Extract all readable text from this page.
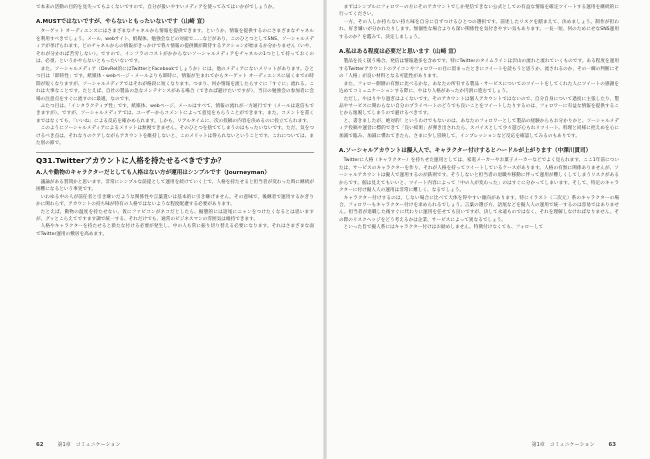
で本来の活動の目的を見失ってもよくないですので、自分が扱いやすいメディアを使ってみてはいかがでしょうか。

A.MUSTではないですが、やらないともったいないです（山崎 宣）

ターゲット オーディエンスにはさまざまなチャネルから情報を提供できます。というか、情報を提供するのにさまざまなチャネルを利用すべきでしょう。メール、webサイト、紙媒体、勉強会などの対面で……などがあり、このひとつとしてSNS、ソーシャルメディアが挙げられます。どのチャネルからの情報がきっかけで我々情報の提供側が期待するアクションが始まるか分かりません（いや、それが分かれば苦労しない）。ですので、インフラのコストがかからないソーシャルメディアをチャネルの1つとして持っておくのは、必須、というかやらないともったいないです。

また、ソーシャルメディア（DevRel的にはTwitterとFacebookでしょうか）には、他のメディアにないメリットがあります。ひとつ目は「即時性」です。紙媒体・webページ・メールよりも即時に、情報が生まれてからターゲット オーディエンスに届くまでの時間が短くなりますが、ソーシャルメディアではそれが格段に短くなります。つまり、何か情報を流したらすぐに「すぐに」流れる。これは大事なことです。たとえば、自社の製品の急なメンテナンスがある場合（できれば避けたいですが）、当日の勉強会の参加者に会場の注意点をすぐに流すのに最適、なのです。

ふたつ目は、「インタラクティブ性」です。紙媒体、webページ、メールはすべて、情報の流れが一方通行です（メールは返信もできますが）。ですが、ソーシャルメディアでは、ユーザーからコメントによって意見をもらうことができます。また、コメントを書くまではなくても、「いいね」による反応を確かめられます。しかも、リアルタイムに、次の投稿の内容を決めるのに役立てられます。

このようにソーシャルメディアによるメリットは無視できません。そのひとつを捨ててしまうのはもったいないです。ただ、気をつけるべき点は、それなりのケアしながらアカウントを維持しないと、このメリットは得られないということです。これについては、また別の節で。

Q31.Twitterアカウントに人格を持たせるべきですか？
A.人や動物のキャラクターだとしても人格はない方が運用はシンプルです（Journeyman）

議論がある質問かと思います。非常にシンプルな前提として運用を続けていく上で、人格を持たせると担当者が変わった時に継続が困難になるという事実です。

いわゆる中の人が前任者と引き継いだような関係性や言葉遣いは基本的に引き継げません。その意味で、後継者で運用するかぎりかに関わらず、アカウントの持ち味が特有の人格ではないような程度配慮する必要があります。

たとえば、動物の温度を持たせない、仮にファビコンがネコだとしたら、擬態的には語尾にニャンをつけたくなるとは思いますが、グッとこらえてですます調で統一する、それだけでも、通常のビジネスマンの雰囲気は維持できます。

人格やキャラクターを持たせると新たな付ける必要が発生し、中の人も常に振り切り替える必要になります。それはさまざまな面でTwitter運用の敷居を高めます。

62	第1章　コミュニケーション

まずはシンプルにフォロワーの方にそのアカウントでしか発信できない公式としての有益な情報を確定ツイートする運用を継続的に行ってください。

一方、その人しか持ちない持ち味を自分に自ずつけるひとつの選択です。前述したリスクを踏まえて、決めましょう。制作が担われ、好き嫌いが分かれたりします。無個性な場合よりも深い関係性を気付きやすい気もあります。一長一短、何のためにせなSNS運用するのか？を鑑みて、決定しましょう。

A.私はある程度は必要だと思います（山崎 宣）

製品を長く扱う場合、発信は情報過多を含めです。特にTwitterのタイムラインは沢山の流れと流れていくものです。ある程度を運用するTwitterアカウントのアイコンやフォロワーの目に留まったときにツイートを読もうと思うか、流されるのか、その一瞬の判断にその「人格」が良い材料となる可能性があります。

また、フォロー側側の有無に比べるかな、あなたの所有する製品・サービスについてのツイートをしてくれた人にツイートの感謝を込めてコミュニケーションする際に、やはり人格があったか円滑に進むでしょう。

ただし、やはりやり過ぎはよくないです。そのアカウントは個人アカウントではないので、自分自身について過度に主張したり、製品やサービスに関わらない自分のプライベートのどうでも良いことをツイートしたりするのは、フォロワーに有益な情報を提供することから逸脱してしまうので避けるべきです。

と、書きましたが、絶対的！というわけでもないのは、あなたのフォロワーとして製品の経験からもお分かりかと。ソーシャルメディア投稿や運営に標的できて「良い結果」が弾き出されたら、スパイスとして少々遊び心もれリツイート。料理と同様に控えめを心に加減で臨み、加減に慣れてきたら、さまに少し冒険して、インプレッションなど反応を確認してみるのもありです。

A.ソーシャルアカウントは擬人人で、キャラクター付けするとハードルが上がります（中澤川貫司）

Twitterに人格（キャラクター）を持ちせた運用としては、家電メーカーやお菓子メーカーなどでよく見られます。ここ1年前についたは、サービスのキャラクターを作り、それが人格を持ってツイートしているケースがあります。人格の有無に関係ありませんが、ソーシャルアカウントは擬人で運用するのが鉄則です。そうしないと担当者の退職や移動に伴って運用が難しくしてしまうリスクがあるからです。個は見えてもいいと、ツイート内容によって「中の人が変わった」のはすぐに分かってしまいます。そして、特定のキャラクターに付け擬人人の運用は非常に難しく、なるでしょう。

キャラクター付けするのは、しない場合に比べて大体を得やすい傾向があります。特にイラスト（二次元）系のキャラクターの場合、フォロワーもキャラクター付けを求められるでしょう。言葉の選び方、語尾などを擬人人の運用で統一するのは容易ではありません。担当者が退職した後すぐに代わりに運用を任せても良いですが、決して永遠ものではなく、それを理解しなければなりません。その際のリスクヘッジをどう考えるかは企業、サービスによって異なるでしょう。

といった旨で擬人系にはキャラクター付けはお勧めしません。特徴付けなくても、フォローして

第1章　コミュニケーション	63
